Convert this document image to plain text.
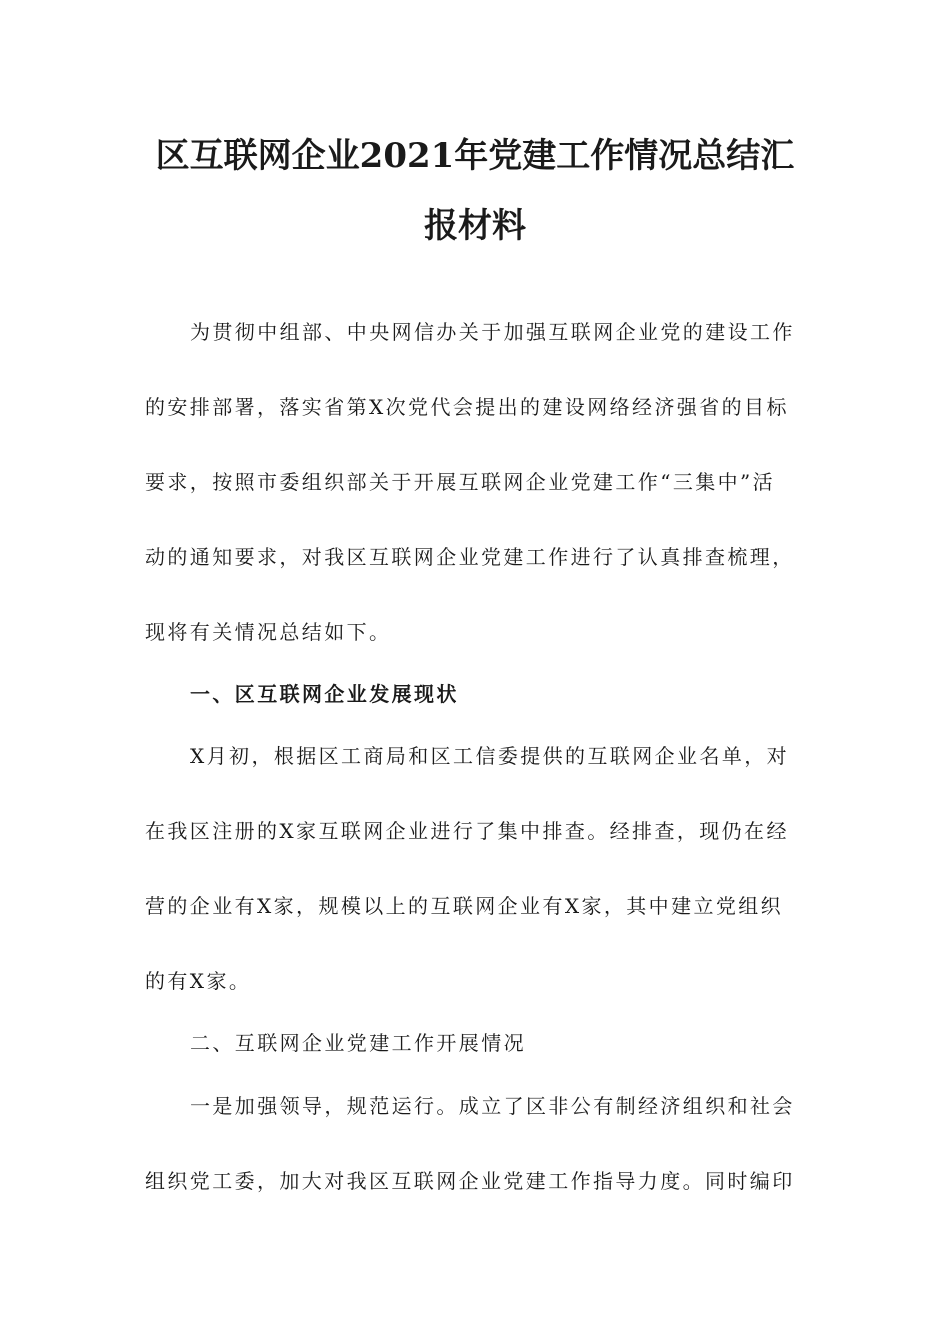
区互联网企业2021年党建工作情况总结汇
报材料
为贯彻中组部、中央网信办关于加强互联网企业党的建设工作
的安排部署，落实省第X次党代会提出的建设网络经济强省的目标
要求，按照市委组织部关于开展互联网企业党建工作“三集中”活
动的通知要求，对我区互联网企业党建工作进行了认真排查梳理，
现将有关情况总结如下。
一、区互联网企业发展现状
X月初，根据区工商局和区工信委提供的互联网企业名单，对
在我区注册的X家互联网企业进行了集中排查。经排查，现仍在经
营的企业有X家，规模以上的互联网企业有X家，其中建立党组织
的有X家。
二、互联网企业党建工作开展情况
一是加强领导，规范运行。成立了区非公有制经济组织和社会
组织党工委，加大对我区互联网企业党建工作指导力度。同时编印
